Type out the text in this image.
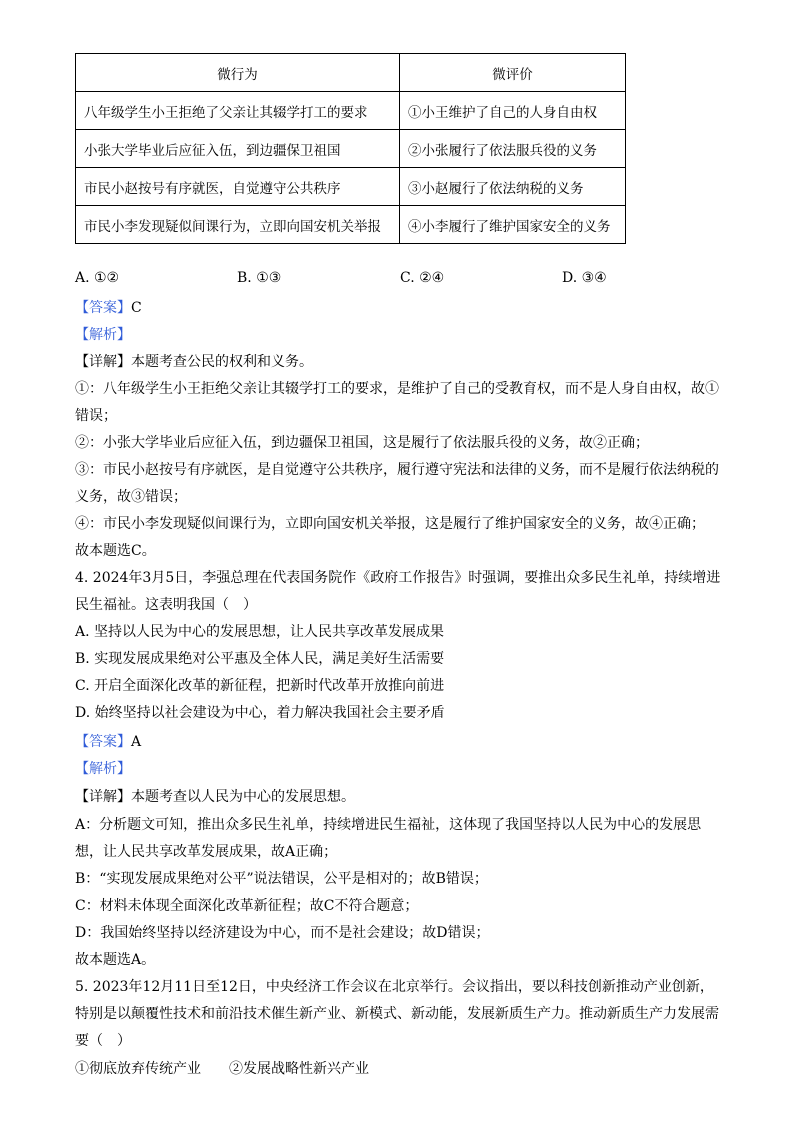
微行为	微评价
八年级学生小王拒绝了父亲让其辍学打工的要求	①小王维护了自己的人身自由权
小张大学毕业后应征入伍，到边疆保卫祖国	②小张履行了依法服兵役的义务
市民小赵按号有序就医，自觉遵守公共秩序	③小赵履行了依法纳税的义务
市民小李发现疑似间课行为，立即向国安机关举报	④小李履行了维护国家安全的义务
A. ①②	B. ①③	C. ②④	D. ③④
【答案】C
【解析】
【详解】本题考查公民的权利和义务。
①：八年级学生小王拒绝父亲让其辍学打工的要求，是维护了自己的受教育权，而不是人身自由权，故①
错误；
②：小张大学毕业后应征入伍，到边疆保卫祖国，这是履行了依法服兵役的义务，故②正确；
③：市民小赵按号有序就医，是自觉遵守公共秩序，履行遵守宪法和法律的义务，而不是履行依法纳税的
义务，故③错误；
④：市民小李发现疑似间课行为，立即向国安机关举报，这是履行了维护国家安全的义务，故④正确；
故本题选C。
4. 2024年3月5日，李强总理在代表国务院作《政府工作报告》时强调，要推出众多民生礼单，持续增进
民生福祉。这表明我国（　）
A. 坚持以人民为中心的发展思想，让人民共享改革发展成果
B. 实现发展成果绝对公平惠及全体人民，满足美好生活需要
C. 开启全面深化改革的新征程，把新时代改革开放推向前进
D. 始终坚持以社会建设为中心，着力解决我国社会主要矛盾
【答案】A
【解析】
【详解】本题考查以人民为中心的发展思想。
A：分析题文可知，推出众多民生礼单，持续增进民生福祉，这体现了我国坚持以人民为中心的发展思
想，让人民共享改革发展成果，故A正确；
B：“实现发展成果绝对公平”说法错误，公平是相对的；故B错误；
C：材料未体现全面深化改革新征程；故C不符合题意；
D：我国始终坚持以经济建设为中心，而不是社会建设；故D错误；
故本题选A。
5. 2023年12月11日至12日，中央经济工作会议在北京举行。会议指出，要以科技创新推动产业创新，
特别是以颠覆性技术和前沿技术催生新产业、新模式、新动能，发展新质生产力。推动新质生产力发展需
要（　）
①彻底放弃传统产业 ②发展战略性新兴产业
